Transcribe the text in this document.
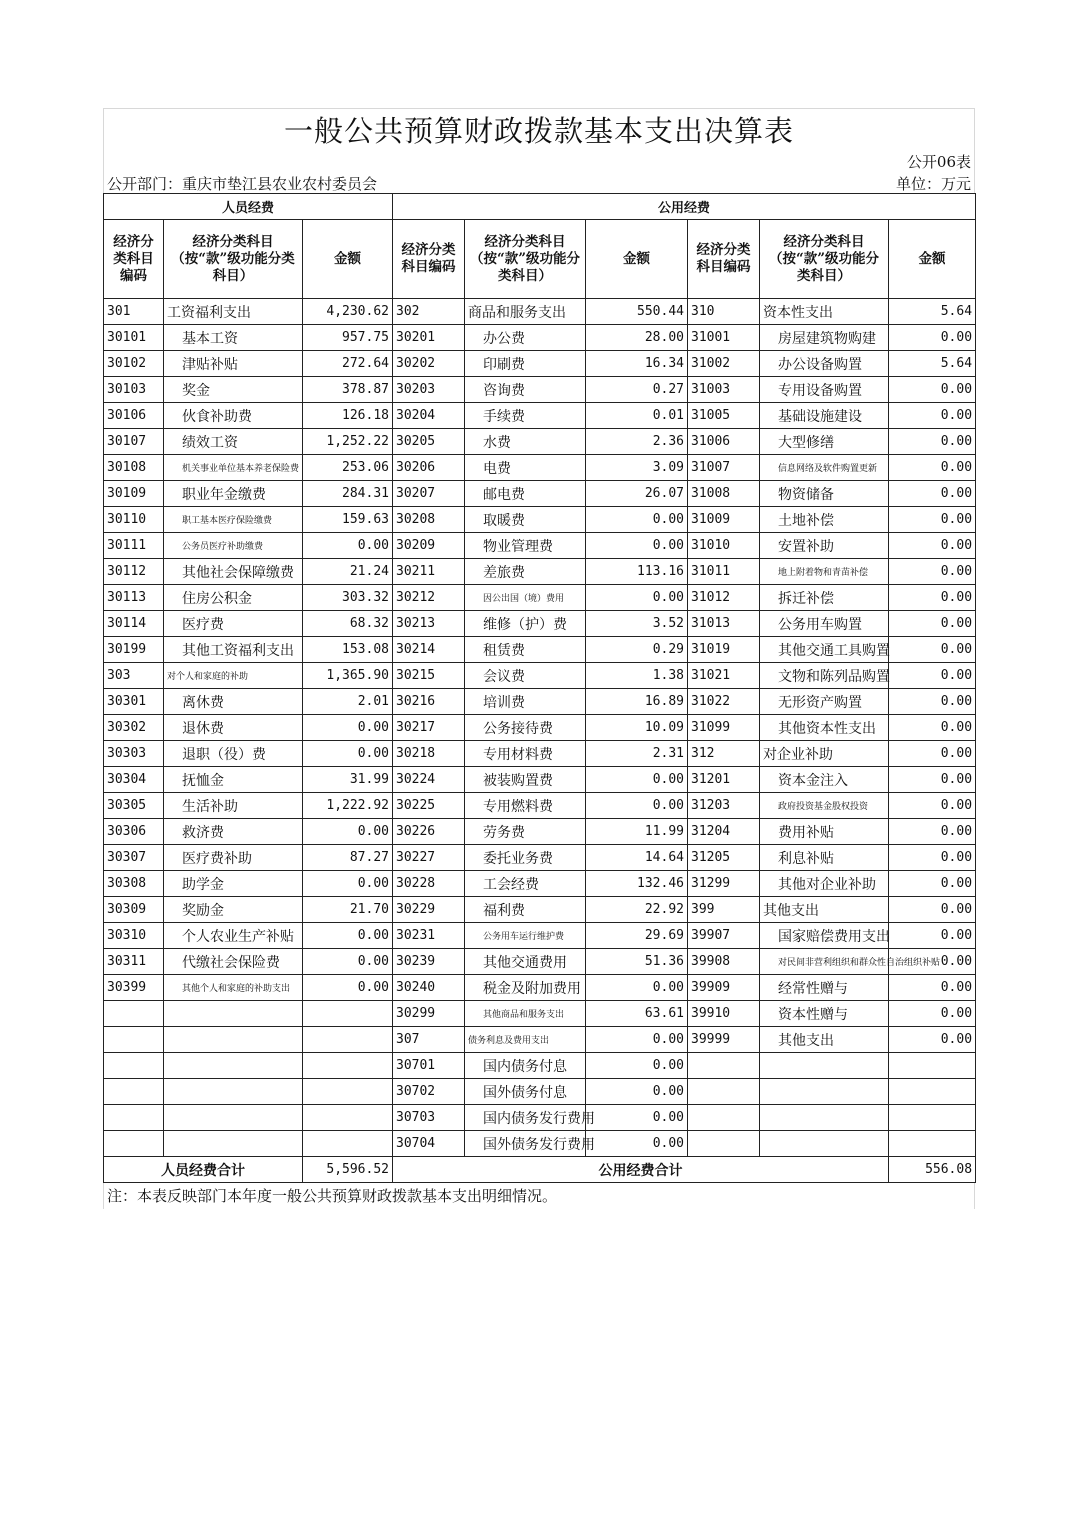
一般公共预算财政拨款基本支出决算表
公开06表
公开部门：重庆市垫江县农业农村委员会	单位：万元
人员经费			公用经费					
经济分类科目编码	经济分类科目（按“款”级功能分类科目）	金额	经济分类科目编码	经济分类科目（按“款”级功能分类科目）	金额	经济分类科目编码	经济分类科目（按“款”级功能分类科目）	金额
301	工资福利支出	4,230.62	302	商品和服务支出	550.44	310	资本性支出	5.64
30101	基本工资	957.75	30201	办公费	28.00	31001	房屋建筑物购建	0.00
30102	津贴补贴	272.64	30202	印刷费	16.34	31002	办公设备购置	5.64
30103	奖金	378.87	30203	咨询费	0.27	31003	专用设备购置	0.00
30106	伙食补助费	126.18	30204	手续费	0.01	31005	基础设施建设	0.00
30107	绩效工资	1,252.22	30205	水费	2.36	31006	大型修缮	0.00
30108	机关事业单位基本养老保险费	253.06	30206	电费	3.09	31007	信息网络及软件购置更新	0.00
30109	职业年金缴费	284.31	30207	邮电费	26.07	31008	物资储备	0.00
30110	职工基本医疗保险缴费	159.63	30208	取暖费	0.00	31009	土地补偿	0.00
30111	公务员医疗补助缴费	0.00	30209	物业管理费	0.00	31010	安置补助	0.00
30112	其他社会保障缴费	21.24	30211	差旅费	113.16	31011	地上附着物和青苗补偿	0.00
30113	住房公积金	303.32	30212	因公出国（境）费用	0.00	31012	拆迁补偿	0.00
30114	医疗费	68.32	30213	维修（护）费	3.52	31013	公务用车购置	0.00
30199	其他工资福利支出	153.08	30214	租赁费	0.29	31019	其他交通工具购置	0.00
303	对个人和家庭的补助	1,365.90	30215	会议费	1.38	31021	文物和陈列品购置	0.00
30301	离休费	2.01	30216	培训费	16.89	31022	无形资产购置	0.00
30302	退休费	0.00	30217	公务接待费	10.09	31099	其他资本性支出	0.00
30303	退职（役）费	0.00	30218	专用材料费	2.31	312	对企业补助	0.00
30304	抚恤金	31.99	30224	被装购置费	0.00	31201	资本金注入	0.00
30305	生活补助	1,222.92	30225	专用燃料费	0.00	31203	政府投资基金股权投资	0.00
30306	救济费	0.00	30226	劳务费	11.99	31204	费用补贴	0.00
30307	医疗费补助	87.27	30227	委托业务费	14.64	31205	利息补贴	0.00
30308	助学金	0.00	30228	工会经费	132.46	31299	其他对企业补助	0.00
30309	奖励金	21.70	30229	福利费	22.92	399	其他支出	0.00
30310	个人农业生产补贴	0.00	30231	公务用车运行维护费	29.69	39907	国家赔偿费用支出	0.00
30311	代缴社会保险费	0.00	30239	其他交通费用	51.36	39908	对民间非营利组织和群众性自治组织补贴	0.00
30399	其他个人和家庭的补助支出	0.00	30240	税金及附加费用	0.00	39909	经常性赠与	0.00
			30299	其他商品和服务支出	63.61	39910	资本性赠与	0.00
			307	债务利息及费用支出	0.00	39999	其他支出	0.00
			30701	国内债务付息	0.00			
			30702	国外债务付息	0.00			
			30703	国内债务发行费用	0.00			
			30704	国外债务发行费用	0.00			
人员经费合计		5,596.52	公用经费合计					556.08
注：本表反映部门本年度一般公共预算财政拨款基本支出明细情况。
